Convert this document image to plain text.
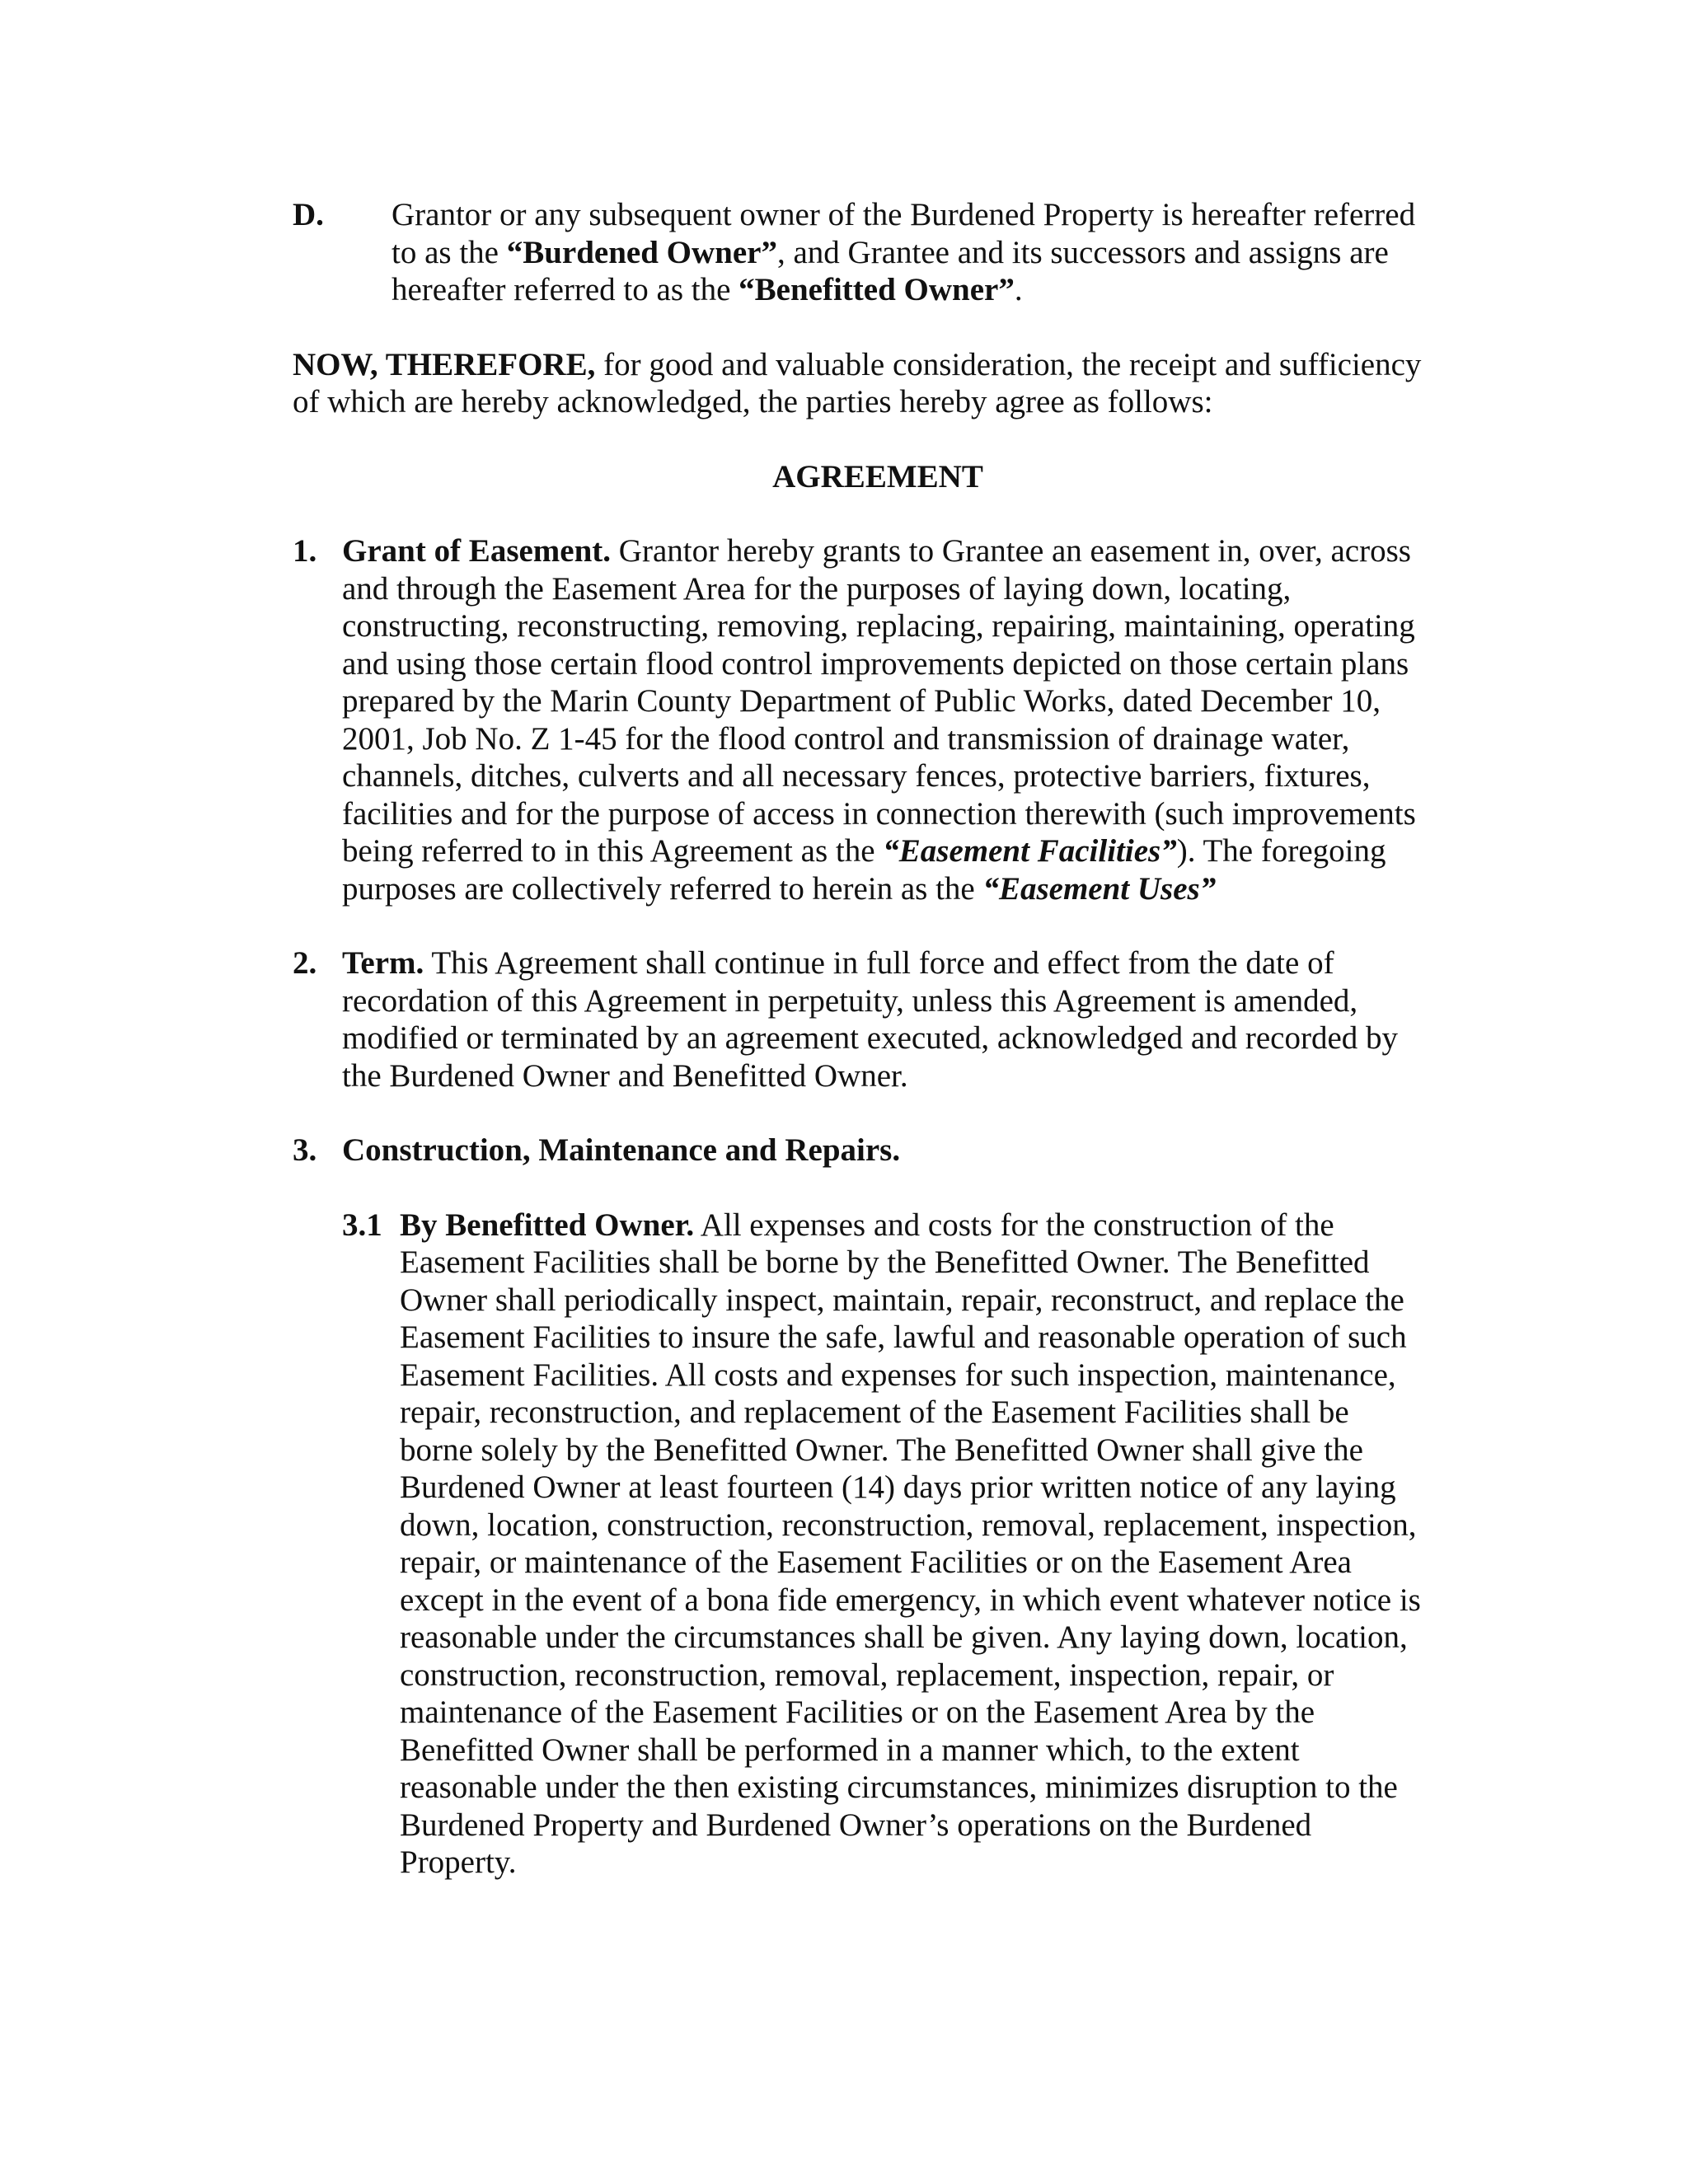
D. Grantor or any subsequent owner of the Burdened Property is hereafter referred to as the “Burdened Owner”, and Grantee and its successors and assigns are hereafter referred to as the “Benefitted Owner”.
NOW, THEREFORE, for good and valuable consideration, the receipt and sufficiency of which are hereby acknowledged, the parties hereby agree as follows:
AGREEMENT
1. Grant of Easement. Grantor hereby grants to Grantee an easement in, over, across and through the Easement Area for the purposes of laying down, locating, constructing, reconstructing, removing, replacing, repairing, maintaining, operating and using those certain flood control improvements depicted on those certain plans prepared by the Marin County Department of Public Works, dated December 10, 2001, Job No. Z 1-45 for the flood control and transmission of drainage water, channels, ditches, culverts and all necessary fences, protective barriers, fixtures, facilities and for the purpose of access in connection therewith (such improvements being referred to in this Agreement as the “Easement Facilities”). The foregoing purposes are collectively referred to herein as the “Easement Uses”
2. Term. This Agreement shall continue in full force and effect from the date of recordation of this Agreement in perpetuity, unless this Agreement is amended, modified or terminated by an agreement executed, acknowledged and recorded by the Burdened Owner and Benefitted Owner.
3. Construction, Maintenance and Repairs.
3.1 By Benefitted Owner. All expenses and costs for the construction of the Easement Facilities shall be borne by the Benefitted Owner. The Benefitted Owner shall periodically inspect, maintain, repair, reconstruct, and replace the Easement Facilities to insure the safe, lawful and reasonable operation of such Easement Facilities. All costs and expenses for such inspection, maintenance, repair, reconstruction, and replacement of the Easement Facilities shall be borne solely by the Benefitted Owner. The Benefitted Owner shall give the Burdened Owner at least fourteen (14) days prior written notice of any laying down, location, construction, reconstruction, removal, replacement, inspection, repair, or maintenance of the Easement Facilities or on the Easement Area except in the event of a bona fide emergency, in which event whatever notice is reasonable under the circumstances shall be given. Any laying down, location, construction, reconstruction, removal, replacement, inspection, repair, or maintenance of the Easement Facilities or on the Easement Area by the Benefitted Owner shall be performed in a manner which, to the extent reasonable under the then existing circumstances, minimizes disruption to the Burdened Property and Burdened Owner’s operations on the Burdened Property.
